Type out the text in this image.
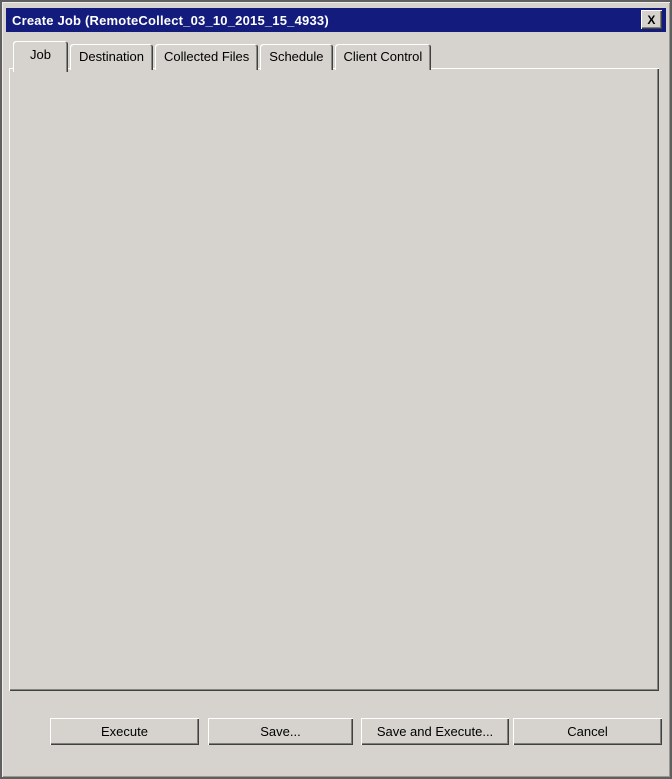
Create Job (RemoteCollect_03_10_2015_15_4933)	X
Job	Destination	Collected Files	Schedule	Client Control
Execute	Save...	Save and Execute...	Cancel
